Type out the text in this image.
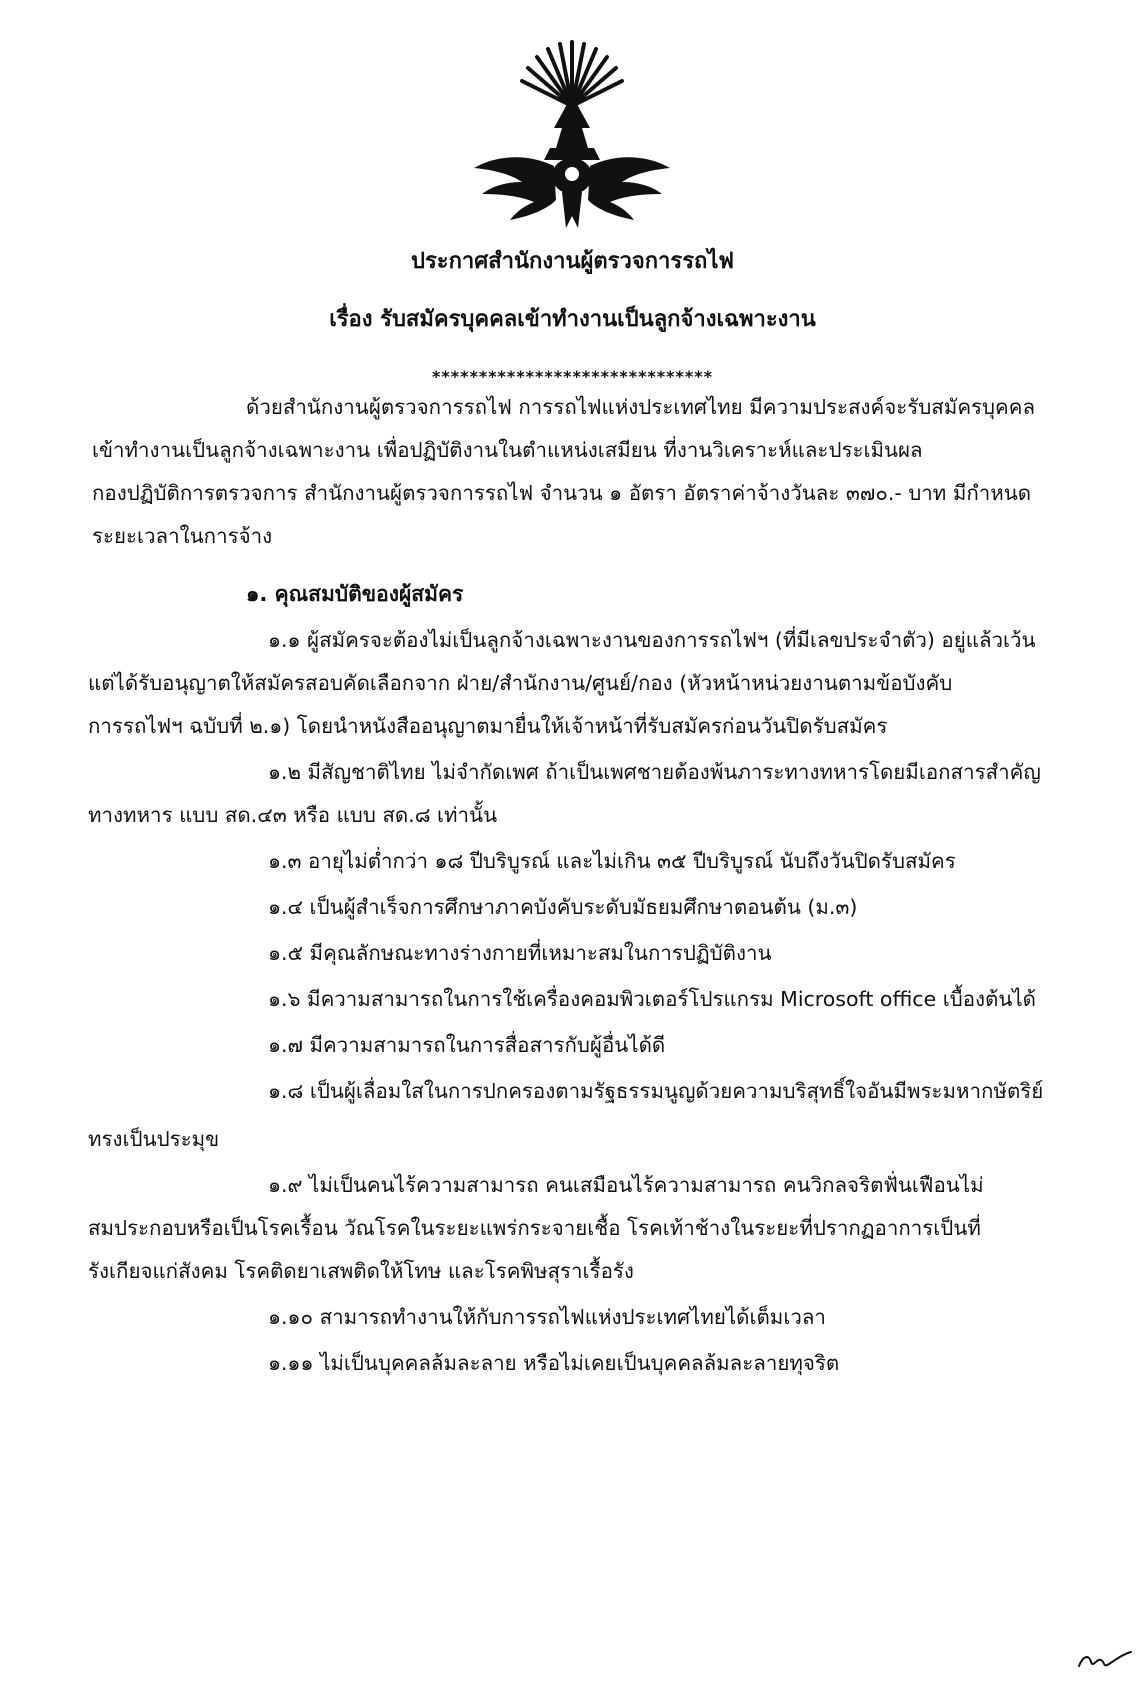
ประกาศสำนักงานผู้ตรวจการรถไฟ
เรื่อง รับสมัครบุคคลเข้าทำงานเป็นลูกจ้างเฉพาะงาน
******************************
ด้วยสำนักงานผู้ตรวจการรถไฟ การรถไฟแห่งประเทศไทย มีความประสงค์จะรับสมัครบุคคล
เข้าทำงานเป็นลูกจ้างเฉพาะงาน เพื่อปฏิบัติงานในตำแหน่งเสมียน ที่งานวิเคราะห์และประเมินผล
กองปฏิบัติการตรวจการ สำนักงานผู้ตรวจการรถไฟ จำนวน ๑ อัตรา อัตราค่าจ้างวันละ ๓๗๐.- บาท มีกำหนด
ระยะเวลาในการจ้าง
๑. คุณสมบัติของผู้สมัคร
๑.๑ ผู้สมัครจะต้องไม่เป็นลูกจ้างเฉพาะงานของการรถไฟฯ (ที่มีเลขประจำตัว) อยู่แล้วเว้น
แต่ได้รับอนุญาตให้สมัครสอบคัดเลือกจาก ฝ่าย/สำนักงาน/ศูนย์/กอง (หัวหน้าหน่วยงานตามข้อบังคับ
การรถไฟฯ ฉบับที่ ๒.๑) โดยนำหนังสืออนุญาตมายื่นให้เจ้าหน้าที่รับสมัครก่อนวันปิดรับสมัคร
๑.๒ มีสัญชาติไทย ไม่จำกัดเพศ ถ้าเป็นเพศชายต้องพ้นภาระทางทหารโดยมีเอกสารสำคัญ
ทางทหาร แบบ สด.๔๓ หรือ แบบ สด.๘ เท่านั้น
๑.๓ อายุไม่ต่ำกว่า ๑๘ ปีบริบูรณ์ และไม่เกิน ๓๕ ปีบริบูรณ์ นับถึงวันปิดรับสมัคร
๑.๔ เป็นผู้สำเร็จการศึกษาภาคบังคับระดับมัธยมศึกษาตอนต้น (ม.๓)
๑.๕ มีคุณลักษณะทางร่างกายที่เหมาะสมในการปฏิบัติงาน
๑.๖ มีความสามารถในการใช้เครื่องคอมพิวเตอร์โปรแกรม Microsoft office เบื้องต้นได้
๑.๗ มีความสามารถในการสื่อสารกับผู้อื่นได้ดี
๑.๘ เป็นผู้เลื่อมใสในการปกครองตามรัฐธรรมนูญด้วยความบริสุทธิ์ใจอันมีพระมหากษัตริย์
ทรงเป็นประมุข
๑.๙ ไม่เป็นคนไร้ความสามารถ คนเสมือนไร้ความสามารถ คนวิกลจริตฟั่นเฟือนไม่
สมประกอบหรือเป็นโรคเรื้อน วัณโรคในระยะแพร่กระจายเชื้อ โรคเท้าช้างในระยะที่ปรากฏอาการเป็นที่
รังเกียจแก่สังคม โรคติดยาเสพติดให้โทษ และโรคพิษสุราเรื้อรัง
๑.๑๐ สามารถทำงานให้กับการรถไฟแห่งประเทศไทยได้เต็มเวลา
๑.๑๑ ไม่เป็นบุคคลล้มละลาย หรือไม่เคยเป็นบุคคลล้มละลายทุจริต
